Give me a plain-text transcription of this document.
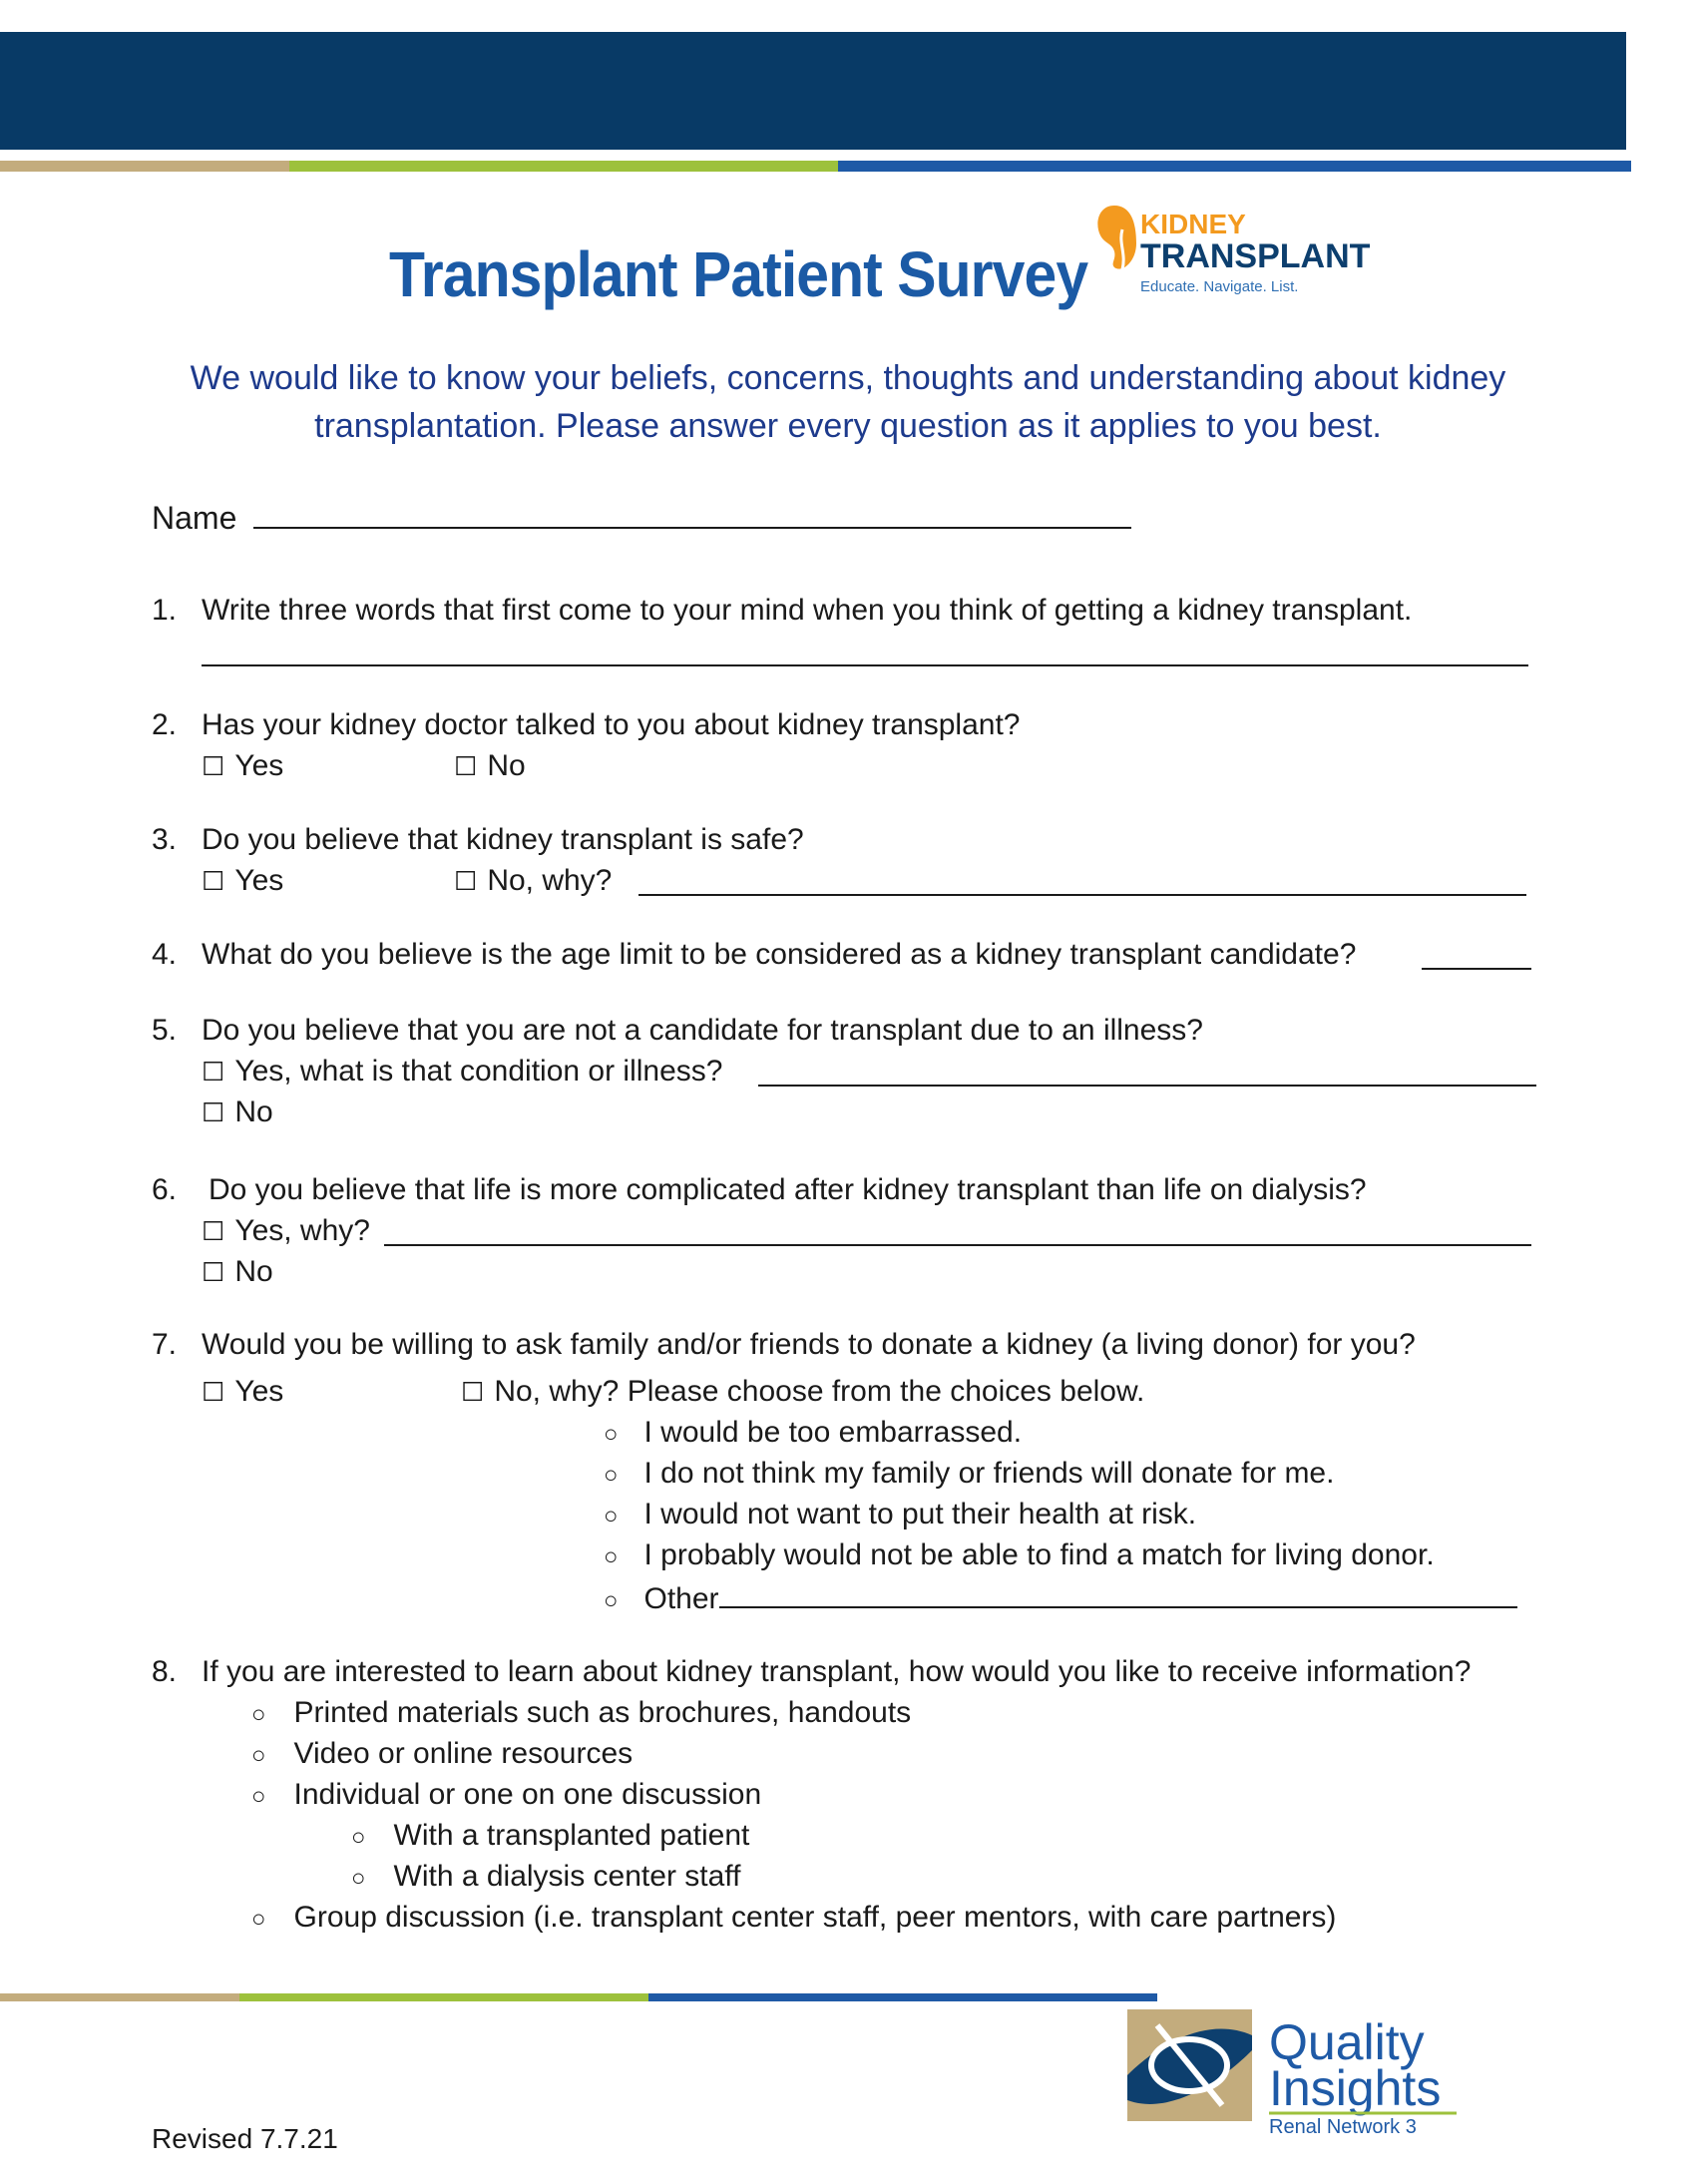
Transplant Patient Survey
KIDNEY
TRANSPLANT
Educate. Navigate. List.
We would like to know your beliefs, concerns, thoughts and understanding about kidney transplantation. Please answer every question as it applies to you best.
Name
1. Write three words that first come to your mind when you think of getting a kidney transplant.
2. Has your kidney doctor talked to you about kidney transplant?
☐ Yes	☐ No
3. Do you believe that kidney transplant is safe?
☐ Yes	☐ No, why?
4. What do you believe is the age limit to be considered as a kidney transplant candidate?
5. Do you believe that you are not a candidate for transplant due to an illness?
☐ Yes, what is that condition or illness?
☐ No
6. Do you believe that life is more complicated after kidney transplant than life on dialysis?
☐ Yes, why?
☐ No
7. Would you be willing to ask family and/or friends to donate a kidney (a living donor) for you?
☐ Yes	☐ No, why? Please choose from the choices below.
○ I would be too embarrassed.
○ I do not think my family or friends will donate for me.
○ I would not want to put their health at risk.
○ I probably would not be able to find a match for living donor.
○ Other
8. If you are interested to learn about kidney transplant, how would you like to receive information?
○ Printed materials such as brochures, handouts
○ Video or online resources
○ Individual or one on one discussion
○ With a transplanted patient
○ With a dialysis center staff
○ Group discussion (i.e. transplant center staff, peer mentors, with care partners)
Quality
Insights
Renal Network 3
Revised 7.7.21
